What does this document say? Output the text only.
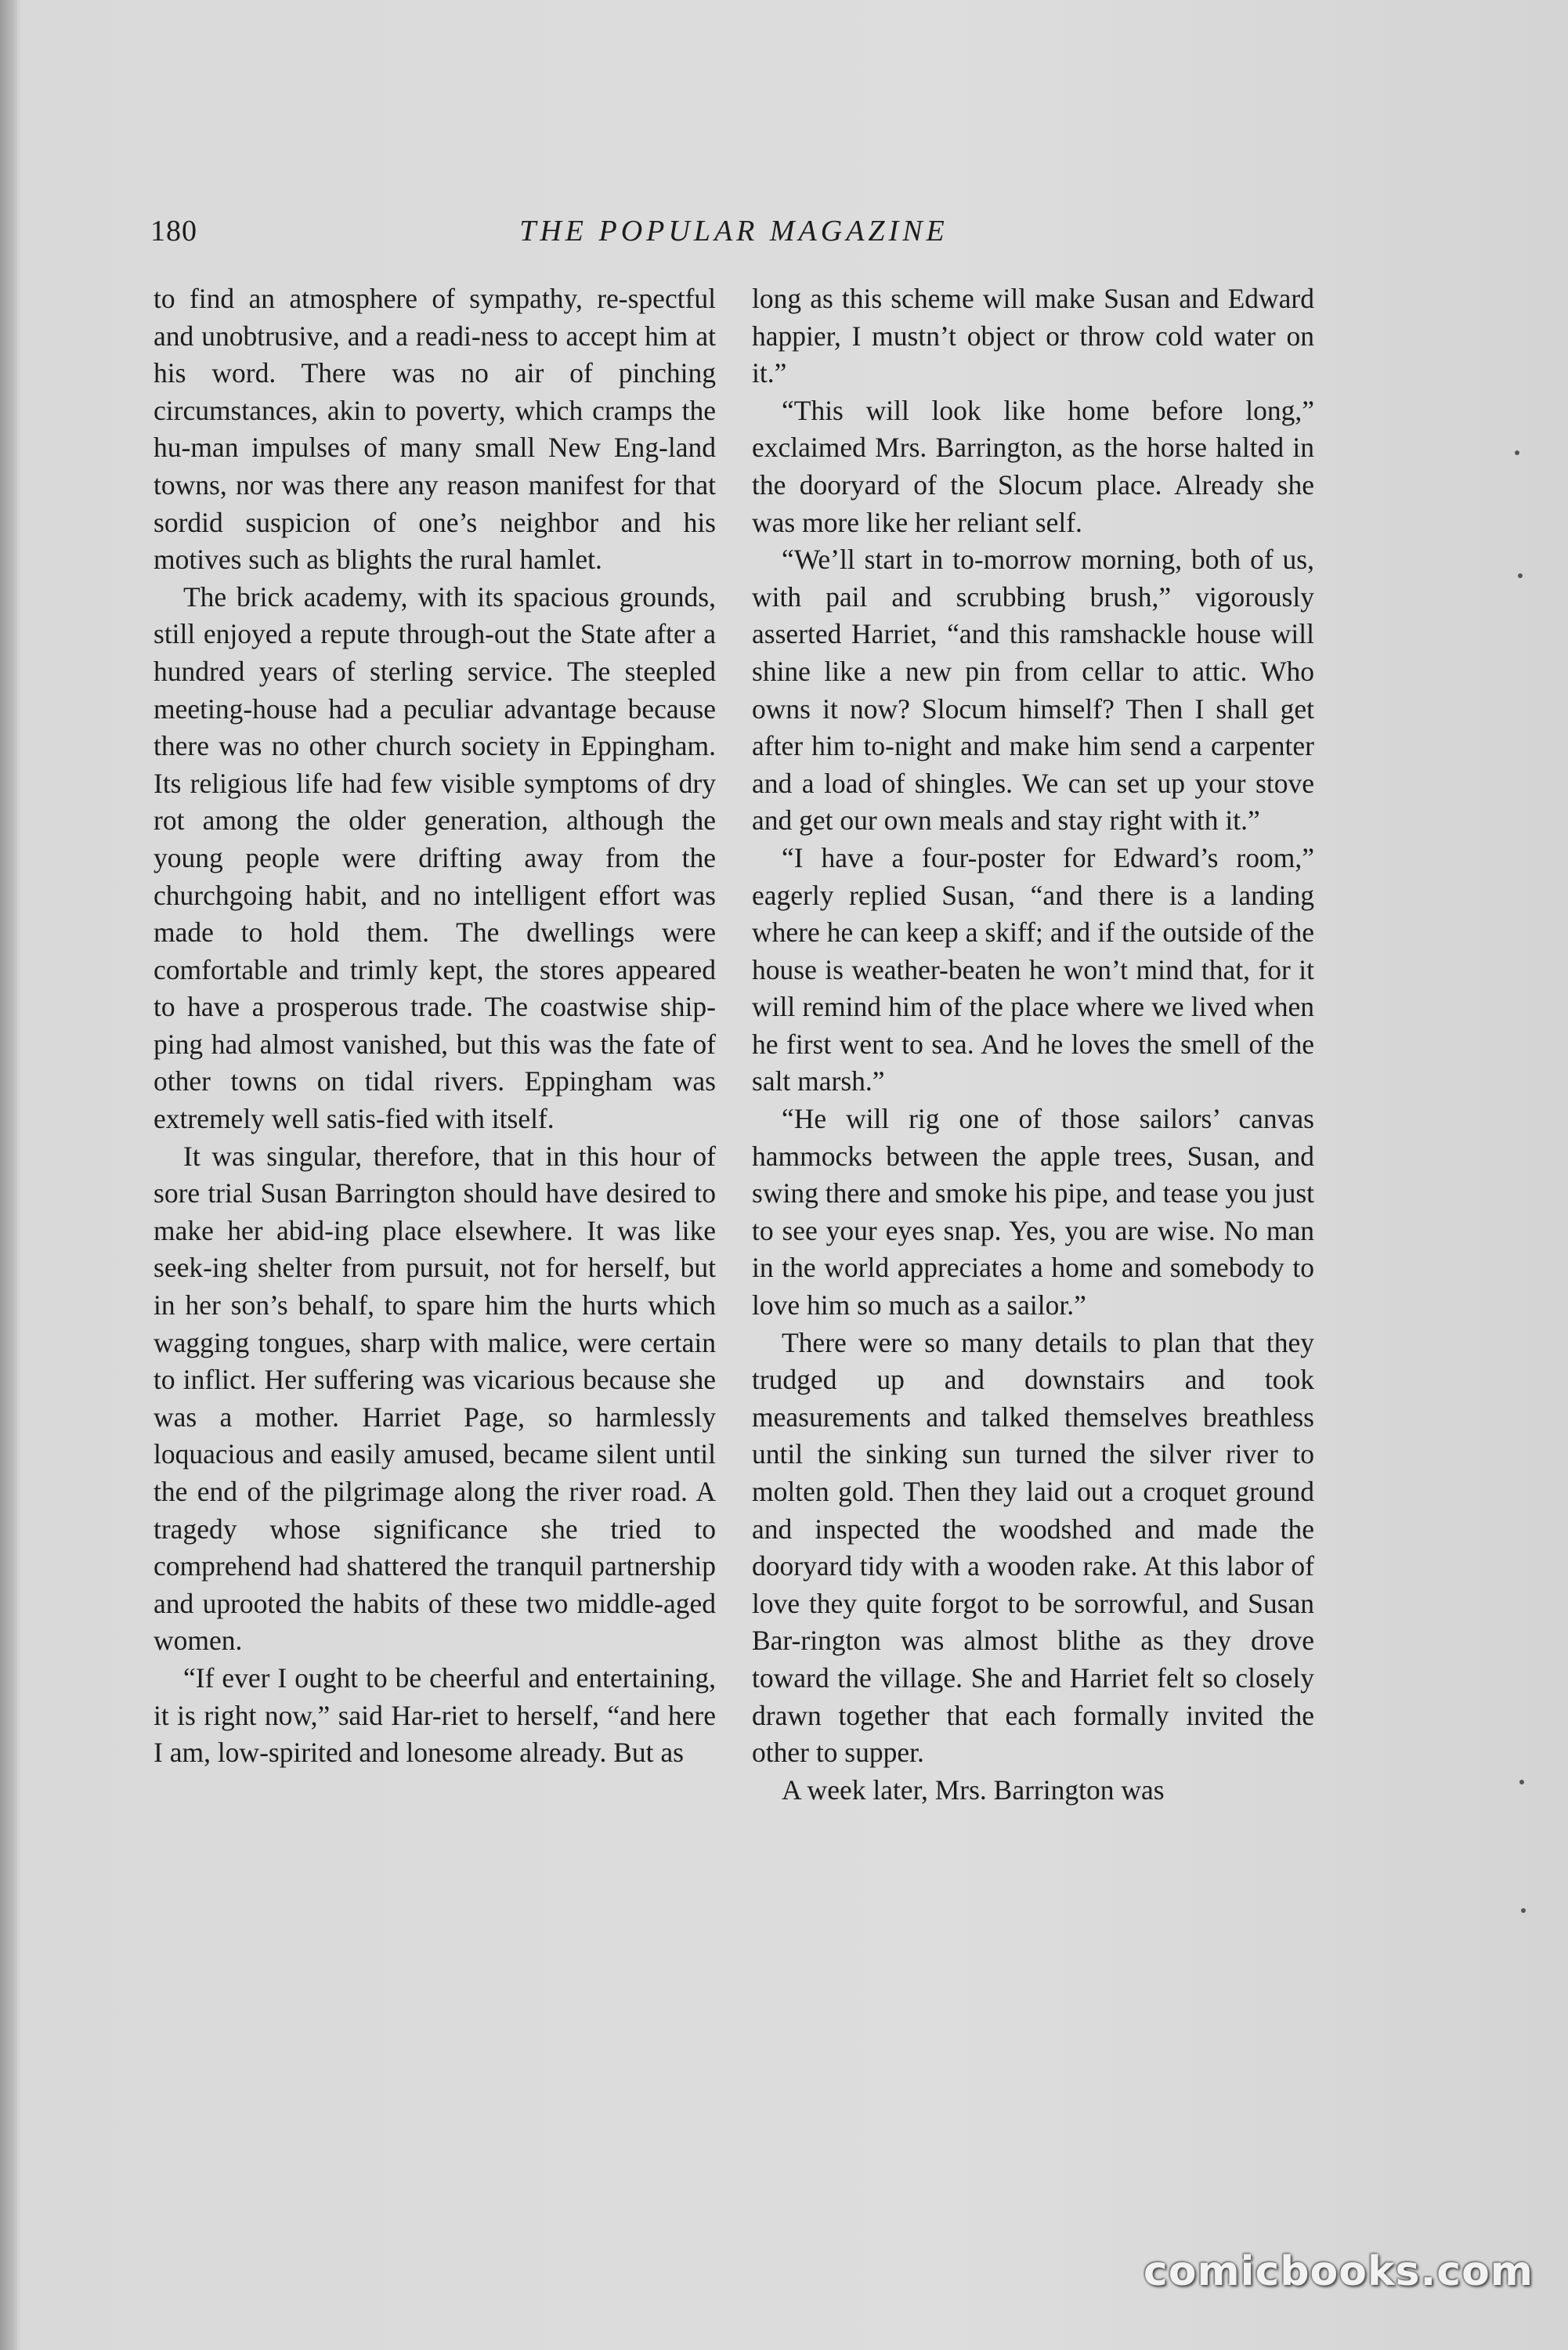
180	THE POPULAR MAGAZINE

to find an atmosphere of sympathy, re-spectful and unobtrusive, and a readi-ness to accept him at his word. There was no air of pinching circumstances, akin to poverty, which cramps the hu-man impulses of many small New Eng-land towns, nor was there any reason manifest for that sordid suspicion of one’s neighbor and his motives such as blights the rural hamlet.

The brick academy, with its spacious grounds, still enjoyed a repute through-out the State after a hundred years of sterling service. The steepled meeting-house had a peculiar advantage because there was no other church society in Eppingham. Its religious life had few visible symptoms of dry rot among the older generation, although the young people were drifting away from the churchgoing habit, and no intelligent effort was made to hold them. The dwellings were comfortable and trimly kept, the stores appeared to have a prosperous trade. The coastwise ship-ping had almost vanished, but this was the fate of other towns on tidal rivers. Eppingham was extremely well satis-fied with itself.

It was singular, therefore, that in this hour of sore trial Susan Barrington should have desired to make her abid-ing place elsewhere. It was like seek-ing shelter from pursuit, not for herself, but in her son’s behalf, to spare him the hurts which wagging tongues, sharp with malice, were certain to inflict. Her suffering was vicarious because she was a mother. Harriet Page, so harmlessly loquacious and easily amused, became silent until the end of the pilgrimage along the river road. A tragedy whose significance she tried to comprehend had shattered the tranquil partnership and uprooted the habits of these two middle-aged women.

“If ever I ought to be cheerful and entertaining, it is right now,” said Har-riet to herself, “and here I am, low-spirited and lonesome already. But as

long as this scheme will make Susan and Edward happier, I mustn’t object or throw cold water on it.”

“This will look like home before long,” exclaimed Mrs. Barrington, as the horse halted in the dooryard of the Slocum place. Already she was more like her reliant self.

“We’ll start in to-morrow morning, both of us, with pail and scrubbing brush,” vigorously asserted Harriet, “and this ramshackle house will shine like a new pin from cellar to attic. Who owns it now? Slocum himself? Then I shall get after him to-night and make him send a carpenter and a load of shingles. We can set up your stove and get our own meals and stay right with it.”

“I have a four-poster for Edward’s room,” eagerly replied Susan, “and there is a landing where he can keep a skiff; and if the outside of the house is weather-beaten he won’t mind that, for it will remind him of the place where we lived when he first went to sea. And he loves the smell of the salt marsh.”

“He will rig one of those sailors’ canvas hammocks between the apple trees, Susan, and swing there and smoke his pipe, and tease you just to see your eyes snap. Yes, you are wise. No man in the world appreciates a home and somebody to love him so much as a sailor.”

There were so many details to plan that they trudged up and downstairs and took measurements and talked themselves breathless until the sinking sun turned the silver river to molten gold. Then they laid out a croquet ground and inspected the woodshed and made the dooryard tidy with a wooden rake. At this labor of love they quite forgot to be sorrowful, and Susan Bar-rington was almost blithe as they drove toward the village. She and Harriet felt so closely drawn together that each formally invited the other to supper.

A week later, Mrs. Barrington was

comicbooks.com
